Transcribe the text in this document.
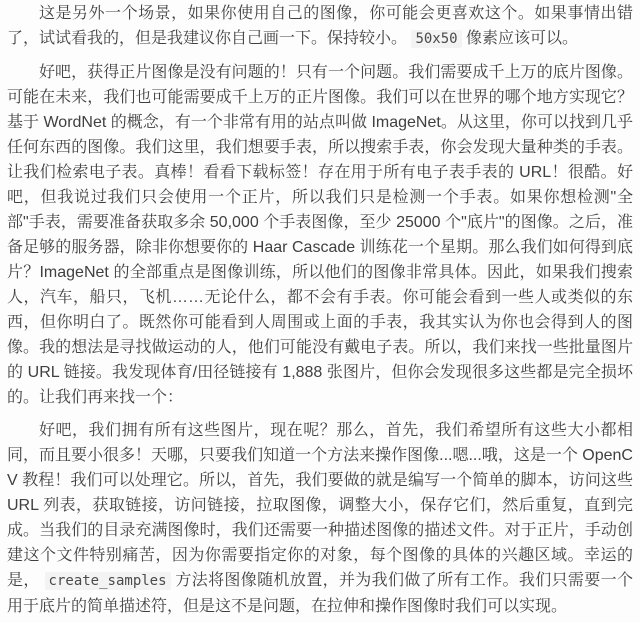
这是另外一个场景，如果你使用自己的图像，你可能会更喜欢这个。如果事情出错了，试试看我的，但是我建议你自己画一下。保持较小。 50x50 像素应该可以。

好吧，获得正片图像是没有问题的！只有一个问题。我们需要成千上万的底片图像。可能在未来，我们也可能需要成千上万的正片图像。我们可以在世界的哪个地方实现它？基于 WordNet 的概念，有一个非常有用的站点叫做 ImageNet。从这里，你可以找到几乎任何东西的图像。我们这里，我们想要手表，所以搜索手表，你会发现大量种类的手表。让我们检索电子表。真棒！看看下载标签！存在用于所有电子表手表的 URL！很酷。好吧，但我说过我们只会使用一个正片，所以我们只是检测一个手表。如果你想检测"全部"手表，需要准备获取多余 50,000 个手表图像，至少 25000 个"底片"的图像。之后，准备足够的服务器，除非你想要你的 Haar Cascade 训练花一个星期。那么我们如何得到底片？ImageNet 的全部重点是图像训练，所以他们的图像非常具体。因此，如果我们搜索人，汽车，船只，飞机……无论什么，都不会有手表。你可能会看到一些人或类似的东西，但你明白了。既然你可能看到人周围或上面的手表，我其实认为你也会得到人的图像。我的想法是寻找做运动的人，他们可能没有戴电子表。所以，我们来找一些批量图片的 URL 链接。我发现体育/田径链接有 1,888 张图片，但你会发现很多这些都是完全损坏的。让我们再来找一个：

好吧，我们拥有所有这些图片，现在呢？那么，首先，我们希望所有这些大小都相同，而且要小很多！天哪，只要我们知道一个方法来操作图像...嗯...哦，这是一个 OpenCV 教程！我们可以处理它。所以，首先，我们要做的就是编写一个简单的脚本，访问这些 URL 列表，获取链接，访问链接，拉取图像，调整大小，保存它们，然后重复，直到完成。当我们的目录充满图像时，我们还需要一种描述图像的描述文件。对于正片，手动创建这个文件特别痛苦，因为你需要指定你的对象，每个图像的具体的兴趣区域。幸运的是， create_samples 方法将图像随机放置，并为我们做了所有工作。我们只需要一个用于底片的简单描述符，但是这不是问题，在拉伸和操作图像时我们可以实现。
